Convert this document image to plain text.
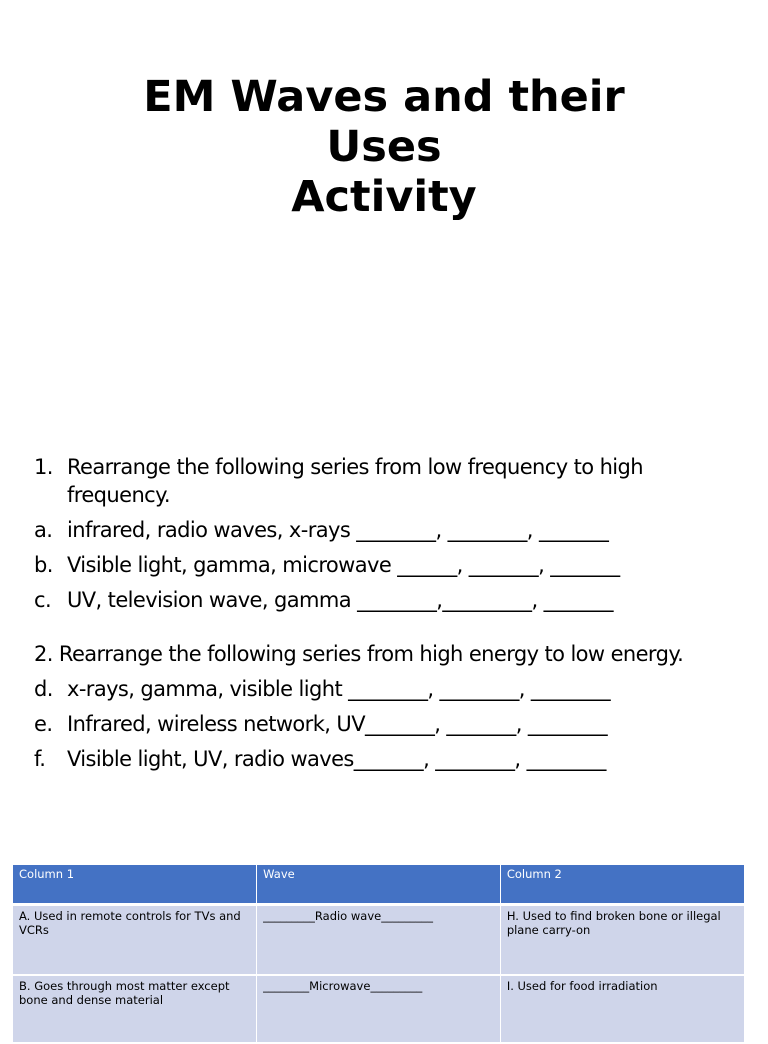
EM Waves and their
Uses
Activity
1. Rearrange the following series from low frequency to high frequency.
a. infrared, radio waves, x-rays ________, ________, _______
b. Visible light, gamma, microwave ______, _______, _______
c. UV, television wave, gamma ________,_________, _______
2. Rearrange the following series from high energy to low energy.
d. x-rays, gamma, visible light ________, ________, ________
e. Infrared, wireless network, UV_______, _______, ________
f.	Visible light, UV, radio waves_______, ________, ________
Column 1	Wave	Column 2
A. Used in remote controls for TVs and VCRs	_________Radio wave_________	H. Used to find broken bone or illegal plane carry-on
B. Goes through most matter except bone and dense material	________Microwave_________	I. Used for food irradiation
